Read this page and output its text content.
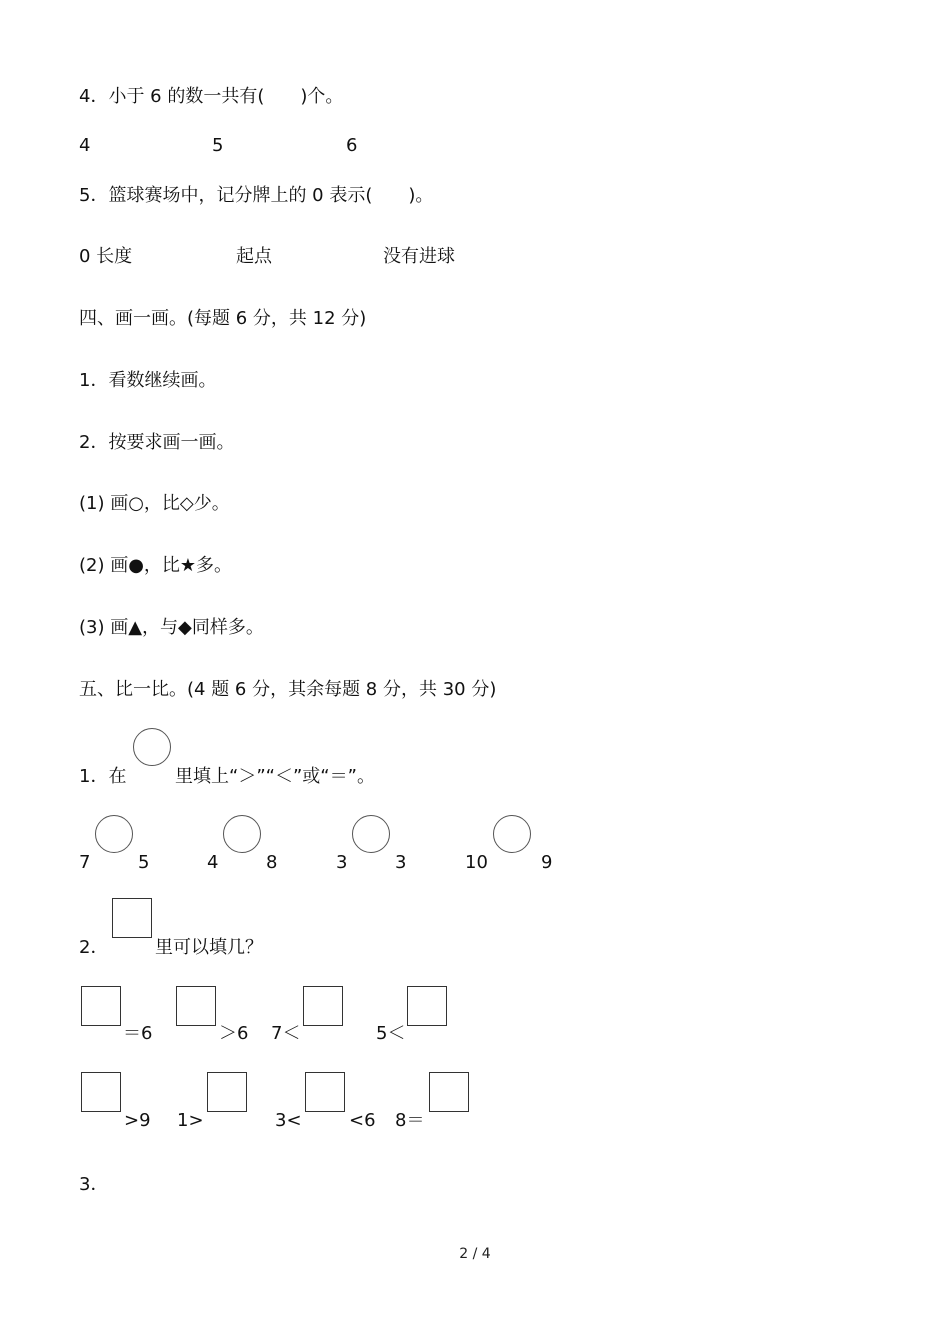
4．小于 6 的数一共有(　　)个。
4	5	6
5．篮球赛场中，记分牌上的 0 表示(　　)。
0 长度	起点	没有进球
四、画一画。(每题 6 分，共 12 分)
1．看数继续画。
2．按要求画一画。
(1) 画○，比◇少。
(2) 画●，比★多。
(3) 画▲，与◆同样多。
五、比一比。(4 题 6 分，其余每题 8 分，共 30 分)
1．在	里填上“＞”“＜”或“＝”。
7	5	4	8	3	3	10	9
2．	里可以填几？
＝6	＞6 7＜	5＜
>9 1>	3<	<6 8＝
3．
2 / 4
